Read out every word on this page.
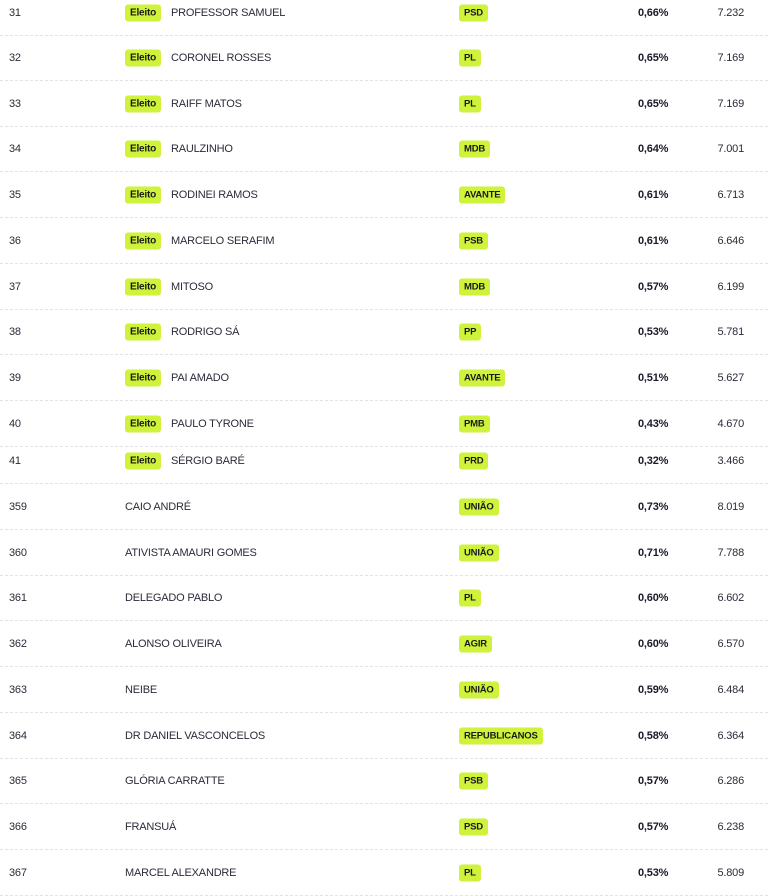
31	Eleito	PROFESSOR SAMUEL	PSD	0,66%	7.232
32	Eleito	CORONEL ROSSES	PL	0,65%	7.169
33	Eleito	RAIFF MATOS	PL	0,65%	7.169
34	Eleito	RAULZINHO	MDB	0,64%	7.001
35	Eleito	RODINEI RAMOS	AVANTE	0,61%	6.713
36	Eleito	MARCELO SERAFIM	PSB	0,61%	6.646
37	Eleito	MITOSO	MDB	0,57%	6.199
38	Eleito	RODRIGO SÁ	PP	0,53%	5.781
39	Eleito	PAI AMADO	AVANTE	0,51%	5.627
40	Eleito	PAULO TYRONE	PMB	0,43%	4.670
41	Eleito	SÉRGIO BARÉ	PRD	0,32%	3.466
359	CAIO ANDRÉ	UNIÃO	0,73%	8.019
360	ATIVISTA AMAURI GOMES	UNIÃO	0,71%	7.788
361	DELEGADO PABLO	PL	0,60%	6.602
362	ALONSO OLIVEIRA	AGIR	0,60%	6.570
363	NEIBE	UNIÃO	0,59%	6.484
364	DR DANIEL VASCONCELOS	REPUBLICANOS	0,58%	6.364
365	GLÓRIA CARRATTE	PSB	0,57%	6.286
366	FRANSUÁ	PSD	0,57%	6.238
367	MARCEL ALEXANDRE	PL	0,53%	5.809
